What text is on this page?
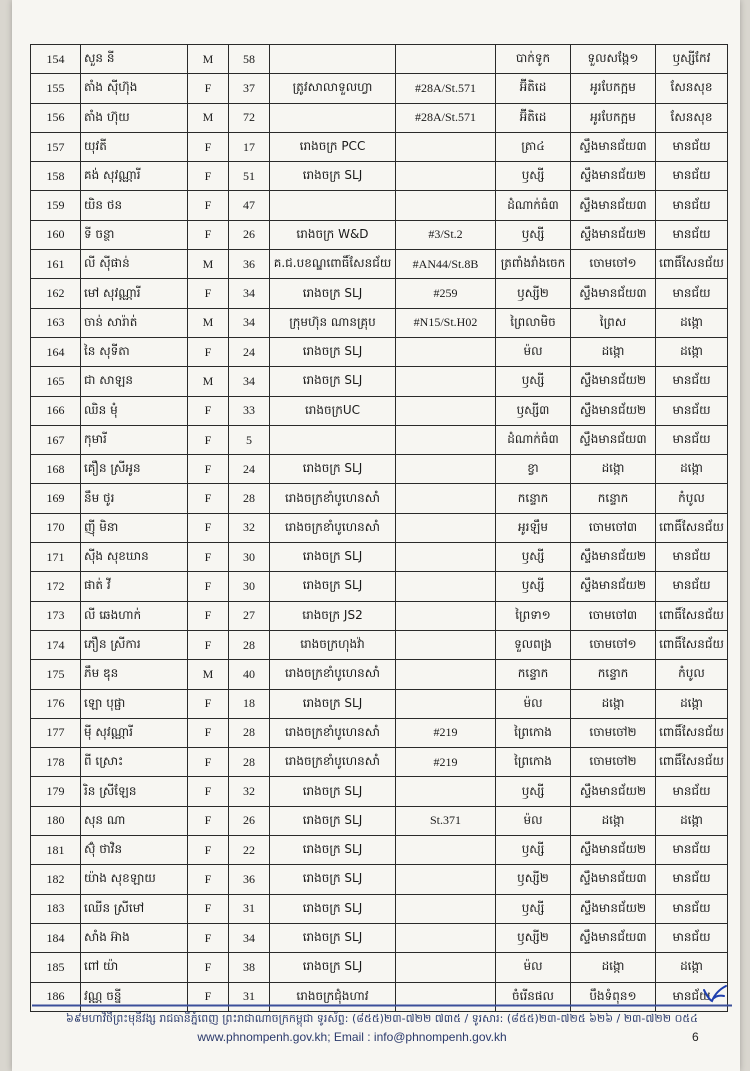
154	សួន នី	M	58			បាក់ទូក	ទួលសង្កែ១	ឫស្សីកែវ
155	តាំង ស៊ីហ៊ុង	F	37	ត្រូវសាលាទួលហ្វា	#28A/St.571	អ៊ីតិដេ	អូរបែកក្អម	សែនសុខ
156	តាំង ហ៊ុយ	M	72		#28A/St.571	អ៊ីតិដេ	អូរបែកក្អម	សែនសុខ
157	យុវតី	F	17	រោងចក្រ PCC		ត្រា៤	ស្ទឹងមានជ័យ៣	មានជ័យ
158	គង់ សុវណ្ណារី	F	51	រោងចក្រ SLJ		ឫស្សី	ស្ទឹងមានជ័យ២	មានជ័យ
159	យិន ថន	F	47			ដំណាក់ធំ៣	ស្ទឹងមានជ័យ៣	មានជ័យ
160	ទី ចន្ថា	F	26	រោងចក្រ W&D	#3/St.2	ឫស្សី	ស្ទឹងមានជ័យ២	មានជ័យ
161	លី ស៊ីផាន់	M	36	គ.ជ.បខណ្ឌពោធិ៍សែនជ័យ	#AN44/St.8B	ត្រពាំងរាំងចេក	ចោមចៅ១	ពោធិ៍សែនជ័យ
162	មៅ សុវណ្ណារី	F	34	រោងចក្រ SLJ	#259	ឫស្សី២	ស្ទឹងមានជ័យ៣	មានជ័យ
163	ចាន់ សារ៉ាត់	M	34	ក្រុមហ៊ុន ណានគ្រុប	#N15/St.H02	ព្រៃលាមិច	ព្រៃស	ដង្កោ
164	នៃ សុទីតា	F	24	រោងចក្រ SLJ		ម៉ល	ដង្កោ	ដង្កោ
165	ជា សាឡន	M	34	រោងចក្រ SLJ		ឫស្សី	ស្ទឹងមានជ័យ២	មានជ័យ
166	ឈិន មុំ	F	33	រោងចក្រUC		ឫស្សី៣	ស្ទឹងមានជ័យ២	មានជ័យ
167	កុមារី	F	5			ដំណាក់ធំ៣	ស្ទឹងមានជ័យ៣	មានជ័យ
168	គឿន ស្រីអូន	F	24	រោងចក្រ SLJ		ខ្វា	ដង្កោ	ដង្កោ
169	នឹម ថូរ	F	28	រោងចក្រខាំបូហេនសាំ		កន្ទោក	កន្ទោក	កំបូល
170	ញ៉ី មិនា	F	32	រោងចក្រខាំបូហេនសាំ		អូរឡឹម	ចោមចៅ៣	ពោធិ៍សែនជ័យ
171	ស៊ីង សុខឃាន	F	30	រោងចក្រ SLJ		ឫស្សី	ស្ទឹងមានជ័យ២	មានជ័យ
172	ផាត់ វី	F	30	រោងចក្រ SLJ		ឫស្សី	ស្ទឹងមានជ័យ២	មានជ័យ
173	លី ឆេងហាក់	F	27	រោងចក្រ JS2		ព្រៃទា១	ចោមចៅ៣	ពោធិ៍សែនជ័យ
174	ភឿន ស្រីការ	F	28	រោងចក្រហុងវ៉ា		ទួលពង្រ	ចោមចៅ១	ពោធិ៍សែនជ័យ
175	ភឹម ឌុន	M	40	រោងចក្រខាំបូហេនសាំ		កន្ទោក	កន្ទោក	កំបូល
176	ឡោ បុផ្ផា	F	18	រោងចក្រ SLJ		ម៉ល	ដង្កោ	ដង្កោ
177	ម៉ី សុវណ្ណារី	F	28	រោងចក្រខាំបូហេនសាំ	#219	ព្រៃកោង	ចោមចៅ២	ពោធិ៍សែនជ័យ
178	ពី ស្រោះ	F	28	រោងចក្រខាំបូហេនសាំ	#219	ព្រៃកោង	ចោមចៅ២	ពោធិ៍សែនជ័យ
179	រិន ស្រីឡែន	F	32	រោងចក្រ SLJ		ឫស្សី	ស្ទឹងមានជ័យ២	មានជ័យ
180	សុន ណា	F	26	រោងចក្រ SLJ	St.371	ម៉ល	ដង្កោ	ដង្កោ
181	ស៊ុំ ថាវិន	F	22	រោងចក្រ SLJ		ឫស្សី	ស្ទឹងមានជ័យ២	មានជ័យ
182	យ៉ាង សុខឡាយ	F	36	រោងចក្រ SLJ		ឫស្សី២	ស្ទឹងមានជ័យ៣	មានជ័យ
183	ឈើន ស្រីមៅ	F	31	រោងចក្រ SLJ		ឫស្សី	ស្ទឹងមានជ័យ២	មានជ័យ
184	សាំង អ៊ាង	F	34	រោងចក្រ SLJ		ឫស្សី២	ស្ទឹងមានជ័យ៣	មានជ័យ
185	ពៅ យ៉ា	F	38	រោងចក្រ SLJ		ម៉ល	ដង្កោ	ដង្កោ
186	វណ្ណ ចន្នី	F	31	រោងចក្រជុំងហាវ		ចំរើនផល	បឹងទំពុន១	មានជ័យ
៦៩មហាវិថីព្រះមុនីវង្ស រាជធានីភ្នំពេញ ព្រះរាជាណាចក្រកម្ពុជា ទូរស័ព្ទ: (៨៥៥)២៣-៧២២ ៧៣៥ / ទូរសារ: (៨៥៥)២៣-៧២៥ ៦២៦ / ២៣-៧២២ ០៥៤
www.phnompenh.gov.kh; Email : info@phnompenh.gov.kh	6
